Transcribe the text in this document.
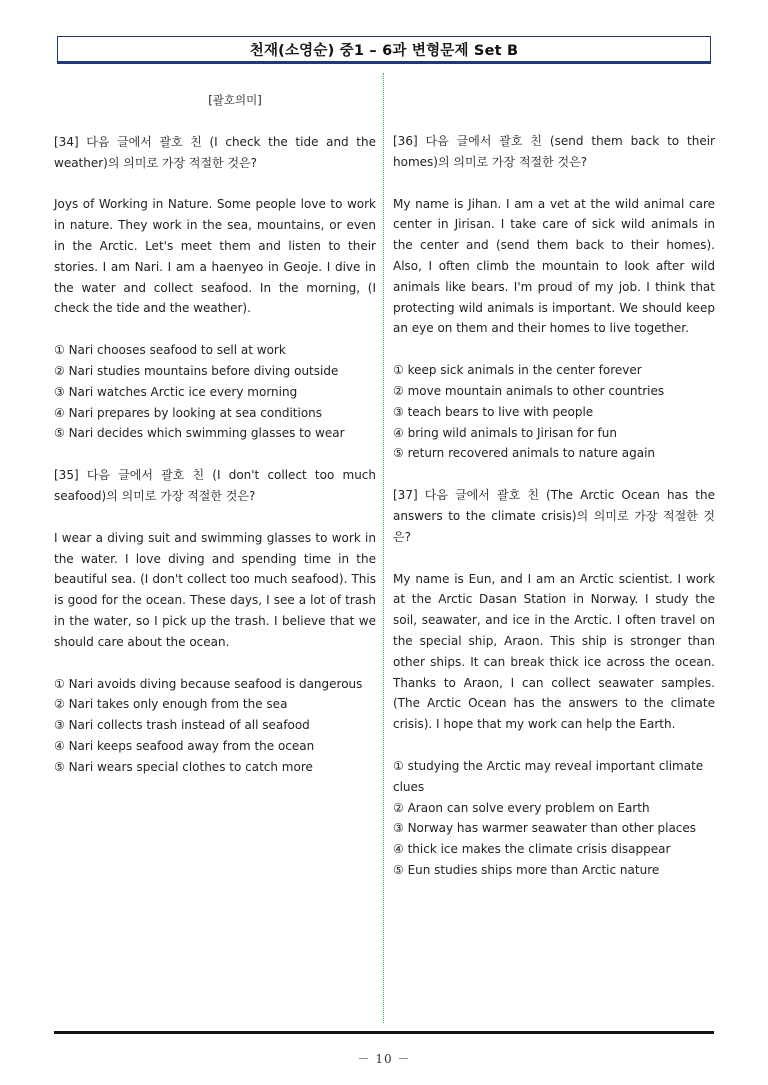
천재(소영순) 중1 – 6과 변형문제 Set B
[괄호의미]
[34] 다음 글에서 괄호 친 (I check the tide and the weather)의 의미로 가장 적절한 것은?
Joys of Working in Nature. Some people love to work in nature. They work in the sea, mountains, or even in the Arctic. Let's meet them and listen to their stories. I am Nari. I am a haenyeo in Geoje. I dive in the water and collect seafood. In the morning, (I check the tide and the weather).
① Nari chooses seafood to sell at work
② Nari studies mountains before diving outside
③ Nari watches Arctic ice every morning
④ Nari prepares by looking at sea conditions
⑤ Nari decides which swimming glasses to wear
[35] 다음 글에서 괄호 친 (I don't collect too much seafood)의 의미로 가장 적절한 것은?
I wear a diving suit and swimming glasses to work in the water. I love diving and spending time in the beautiful sea. (I don't collect too much seafood). This is good for the ocean. These days, I see a lot of trash in the water, so I pick up the trash. I believe that we should care about the ocean.
① Nari avoids diving because seafood is dangerous
② Nari takes only enough from the sea
③ Nari collects trash instead of all seafood
④ Nari keeps seafood away from the ocean
⑤ Nari wears special clothes to catch more
[36] 다음 글에서 괄호 친 (send them back to their homes)의 의미로 가장 적절한 것은?
My name is Jihan. I am a vet at the wild animal care center in Jirisan. I take care of sick wild animals in the center and (send them back to their homes). Also, I often climb the mountain to look after wild animals like bears. I'm proud of my job. I think that protecting wild animals is important. We should keep an eye on them and their homes to live together.
① keep sick animals in the center forever
② move mountain animals to other countries
③ teach bears to live with people
④ bring wild animals to Jirisan for fun
⑤ return recovered animals to nature again
[37] 다음 글에서 괄호 친 (The Arctic Ocean has the answers to the climate crisis)의 의미로 가장 적절한 것은?
My name is Eun, and I am an Arctic scientist. I work at the Arctic Dasan Station in Norway. I study the soil, seawater, and ice in the Arctic. I often travel on the special ship, Araon. This ship is stronger than other ships. It can break thick ice across the ocean. Thanks to Araon, I can collect seawater samples. (The Arctic Ocean has the answers to the climate crisis). I hope that my work can help the Earth.
① studying the Arctic may reveal important climate clues
② Araon can solve every problem on Earth
③ Norway has warmer seawater than other places
④ thick ice makes the climate crisis disappear
⑤ Eun studies ships more than Arctic nature
－ 10 －
